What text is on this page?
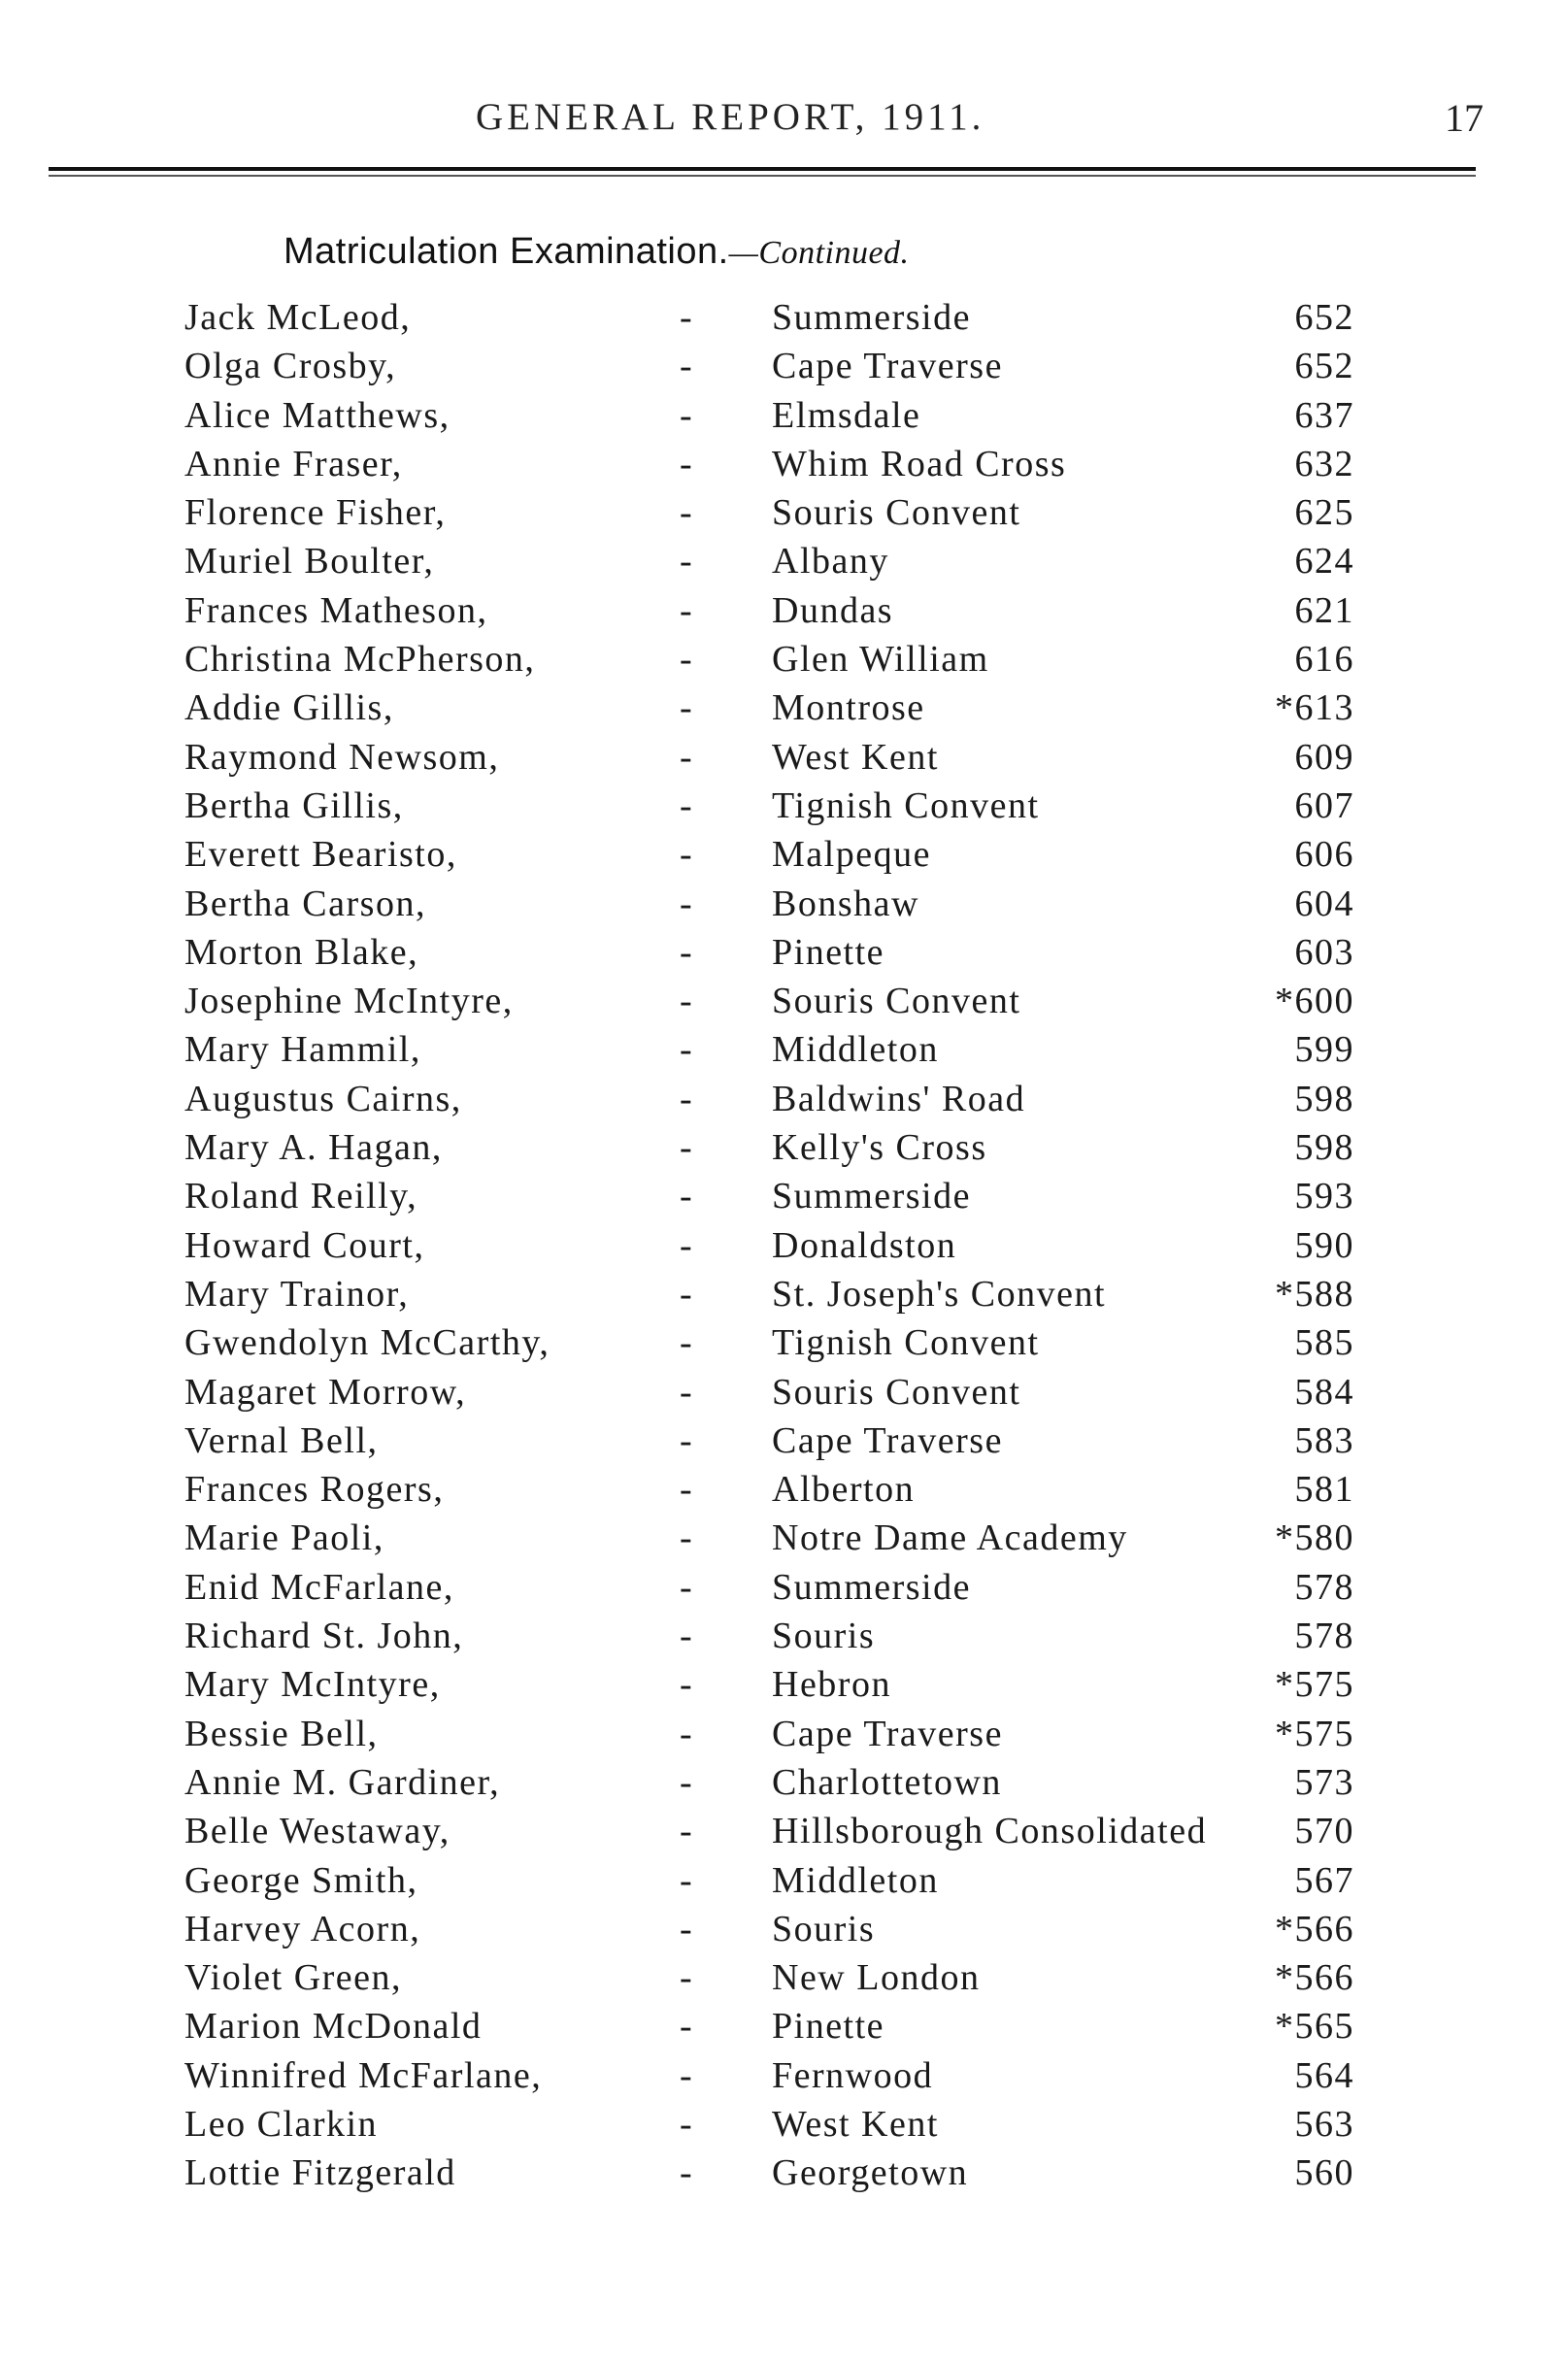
GENERAL REPORT, 1911.	17
Matriculation Examination.—Continued.
Jack McLeod,	- Summerside	652
Olga Crosby,	- Cape Traverse	652
Alice Matthews,	- Elmsdale	637
Annie Fraser,	- Whim Road Cross	632
Florence Fisher,	- Souris Convent	625
Muriel Boulter,	- Albany	624
Frances Matheson,	- Dundas	621
Christina McPherson,	- Glen William	616
Addie Gillis,	- Montrose	*613
Raymond Newsom,	- West Kent	609
Bertha Gillis,	- Tignish Convent	607
Everett Bearisto,	- Malpeque	606
Bertha Carson,	- Bonshaw	604
Morton Blake,	- Pinette	603
Josephine McIntyre,	- Souris Convent	*600
Mary Hammil,	- Middleton	599
Augustus Cairns,	- Baldwins' Road	598
Mary A. Hagan,	- Kelly's Cross	598
Roland Reilly,	- Summerside	593
Howard Court,	- Donaldston	590
Mary Trainor,	- St. Joseph's Convent	*588
Gwendolyn McCarthy,	- Tignish Convent	585
Magaret Morrow,	- Souris Convent	584
Vernal Bell,	- Cape Traverse	583
Frances Rogers,	- Alberton	581
Marie Paoli,	- Notre Dame Academy	*580
Enid McFarlane,	- Summerside	578
Richard St. John,	- Souris	578
Mary McIntyre,	- Hebron	*575
Bessie Bell,	- Cape Traverse	*575
Annie M. Gardiner,	- Charlottetown	573
Belle Westaway,	- Hillsborough Consolidated 570
George Smith,	- Middleton	567
Harvey Acorn,	- Souris	*566
Violet Green,	- New London	*566
Marion McDonald	- Pinette	*565
Winnifred McFarlane,	- Fernwood	564
Leo Clarkin	- West Kent	563
Lottie Fitzgerald	- Georgetown	560
